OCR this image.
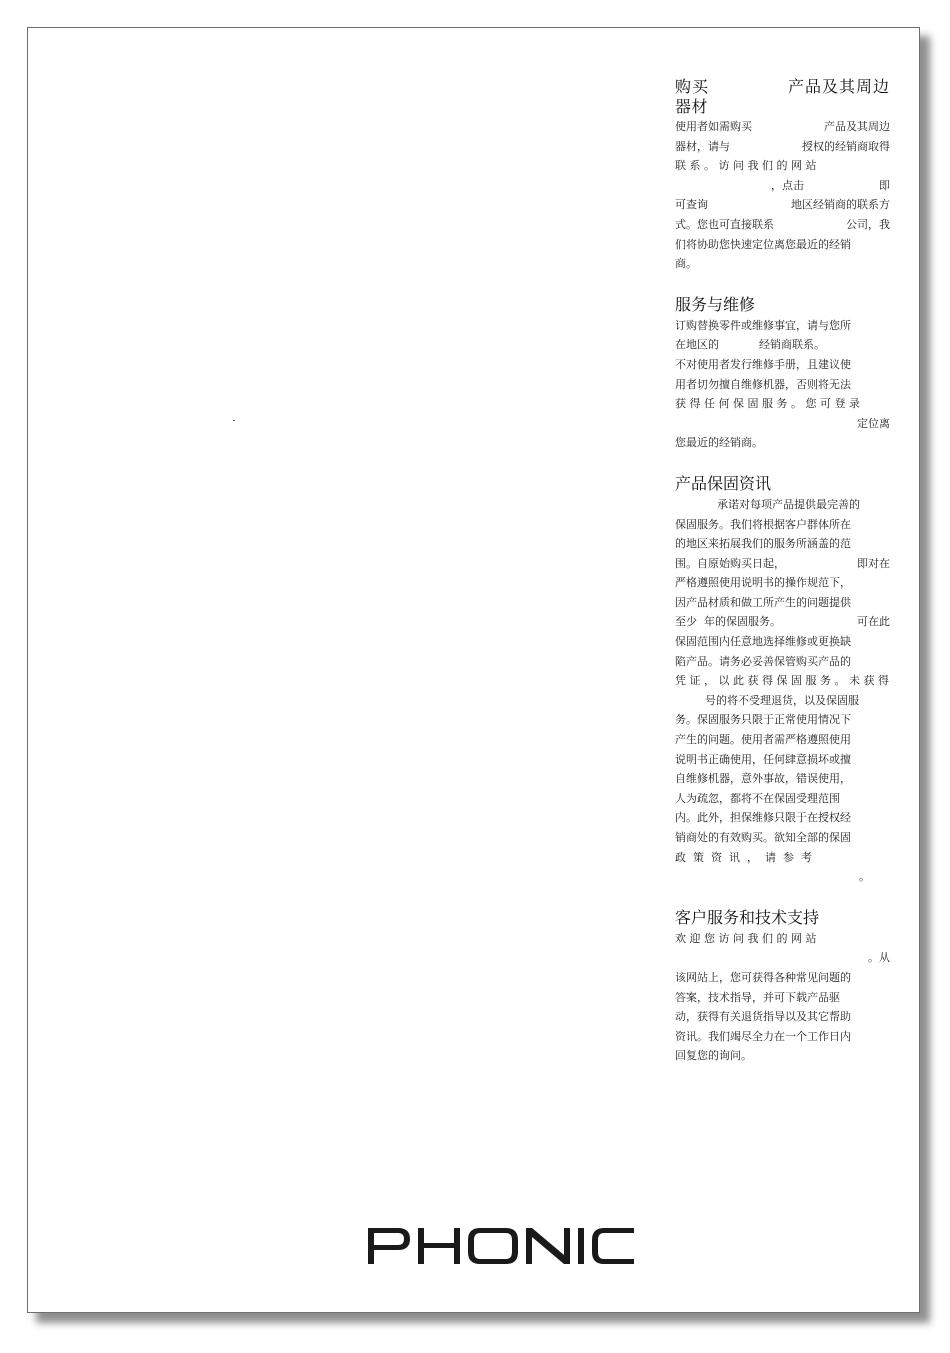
购买	产品及其周边
器材
使用者如需购买	产品及其周边
器材，请与	授权的经销商取得
联 系 。 访 问 我 们 的 网 站
，点击	即
可查询	地区经销商的联系方
式。您也可直接联系	公司，我
们将协助您快速定位离您最近的经销
商。
服务与维修
订购替换零件或维修事宜，请与您所
在地区的	经销商联系。
不对使用者发行维修手册，且建议使
用者切勿擅自维修机器，否则将无法
获 得 任 何 保 固 服 务 。 您 可 登 录
定位离
您最近的经销商。
产品保固资讯
承诺对每项产品提供最完善的
保固服务。我们将根据客户群体所在
的地区来拓展我们的服务所涵盖的范
围。自原始购买日起，	即对在
严格遵照使用说明书的操作规范下，
因产品材质和做工所产生的问题提供
至少  年的保固服务。	可在此
保固范围内任意地选择维修或更换缺
陷产品。请务必妥善保管购买产品的
凭 证 ， 以 此 获 得 保 固 服 务 。 未 获 得
号的将不受理退货，以及保固服
务。保固服务只限于正常使用情况下
产生的问题。使用者需严格遵照使用
说明书正确使用，任何肆意损坏或擅
自维修机器，意外事故，错误使用，
人为疏忽，都将不在保固受理范围
内。此外，担保维修只限于在授权经
销商处的有效购买。欲知全部的保固
政  策  资  讯  ，  请  参  考
。
客户服务和技术支持
欢 迎 您 访 问 我 们 的 网 站
。从
该网站上，您可获得各种常见问题的
答案，技术指导，并可下载产品驱
动，获得有关退货指导以及其它帮助
资讯。我们竭尽全力在一个工作日内
回复您的询问。
